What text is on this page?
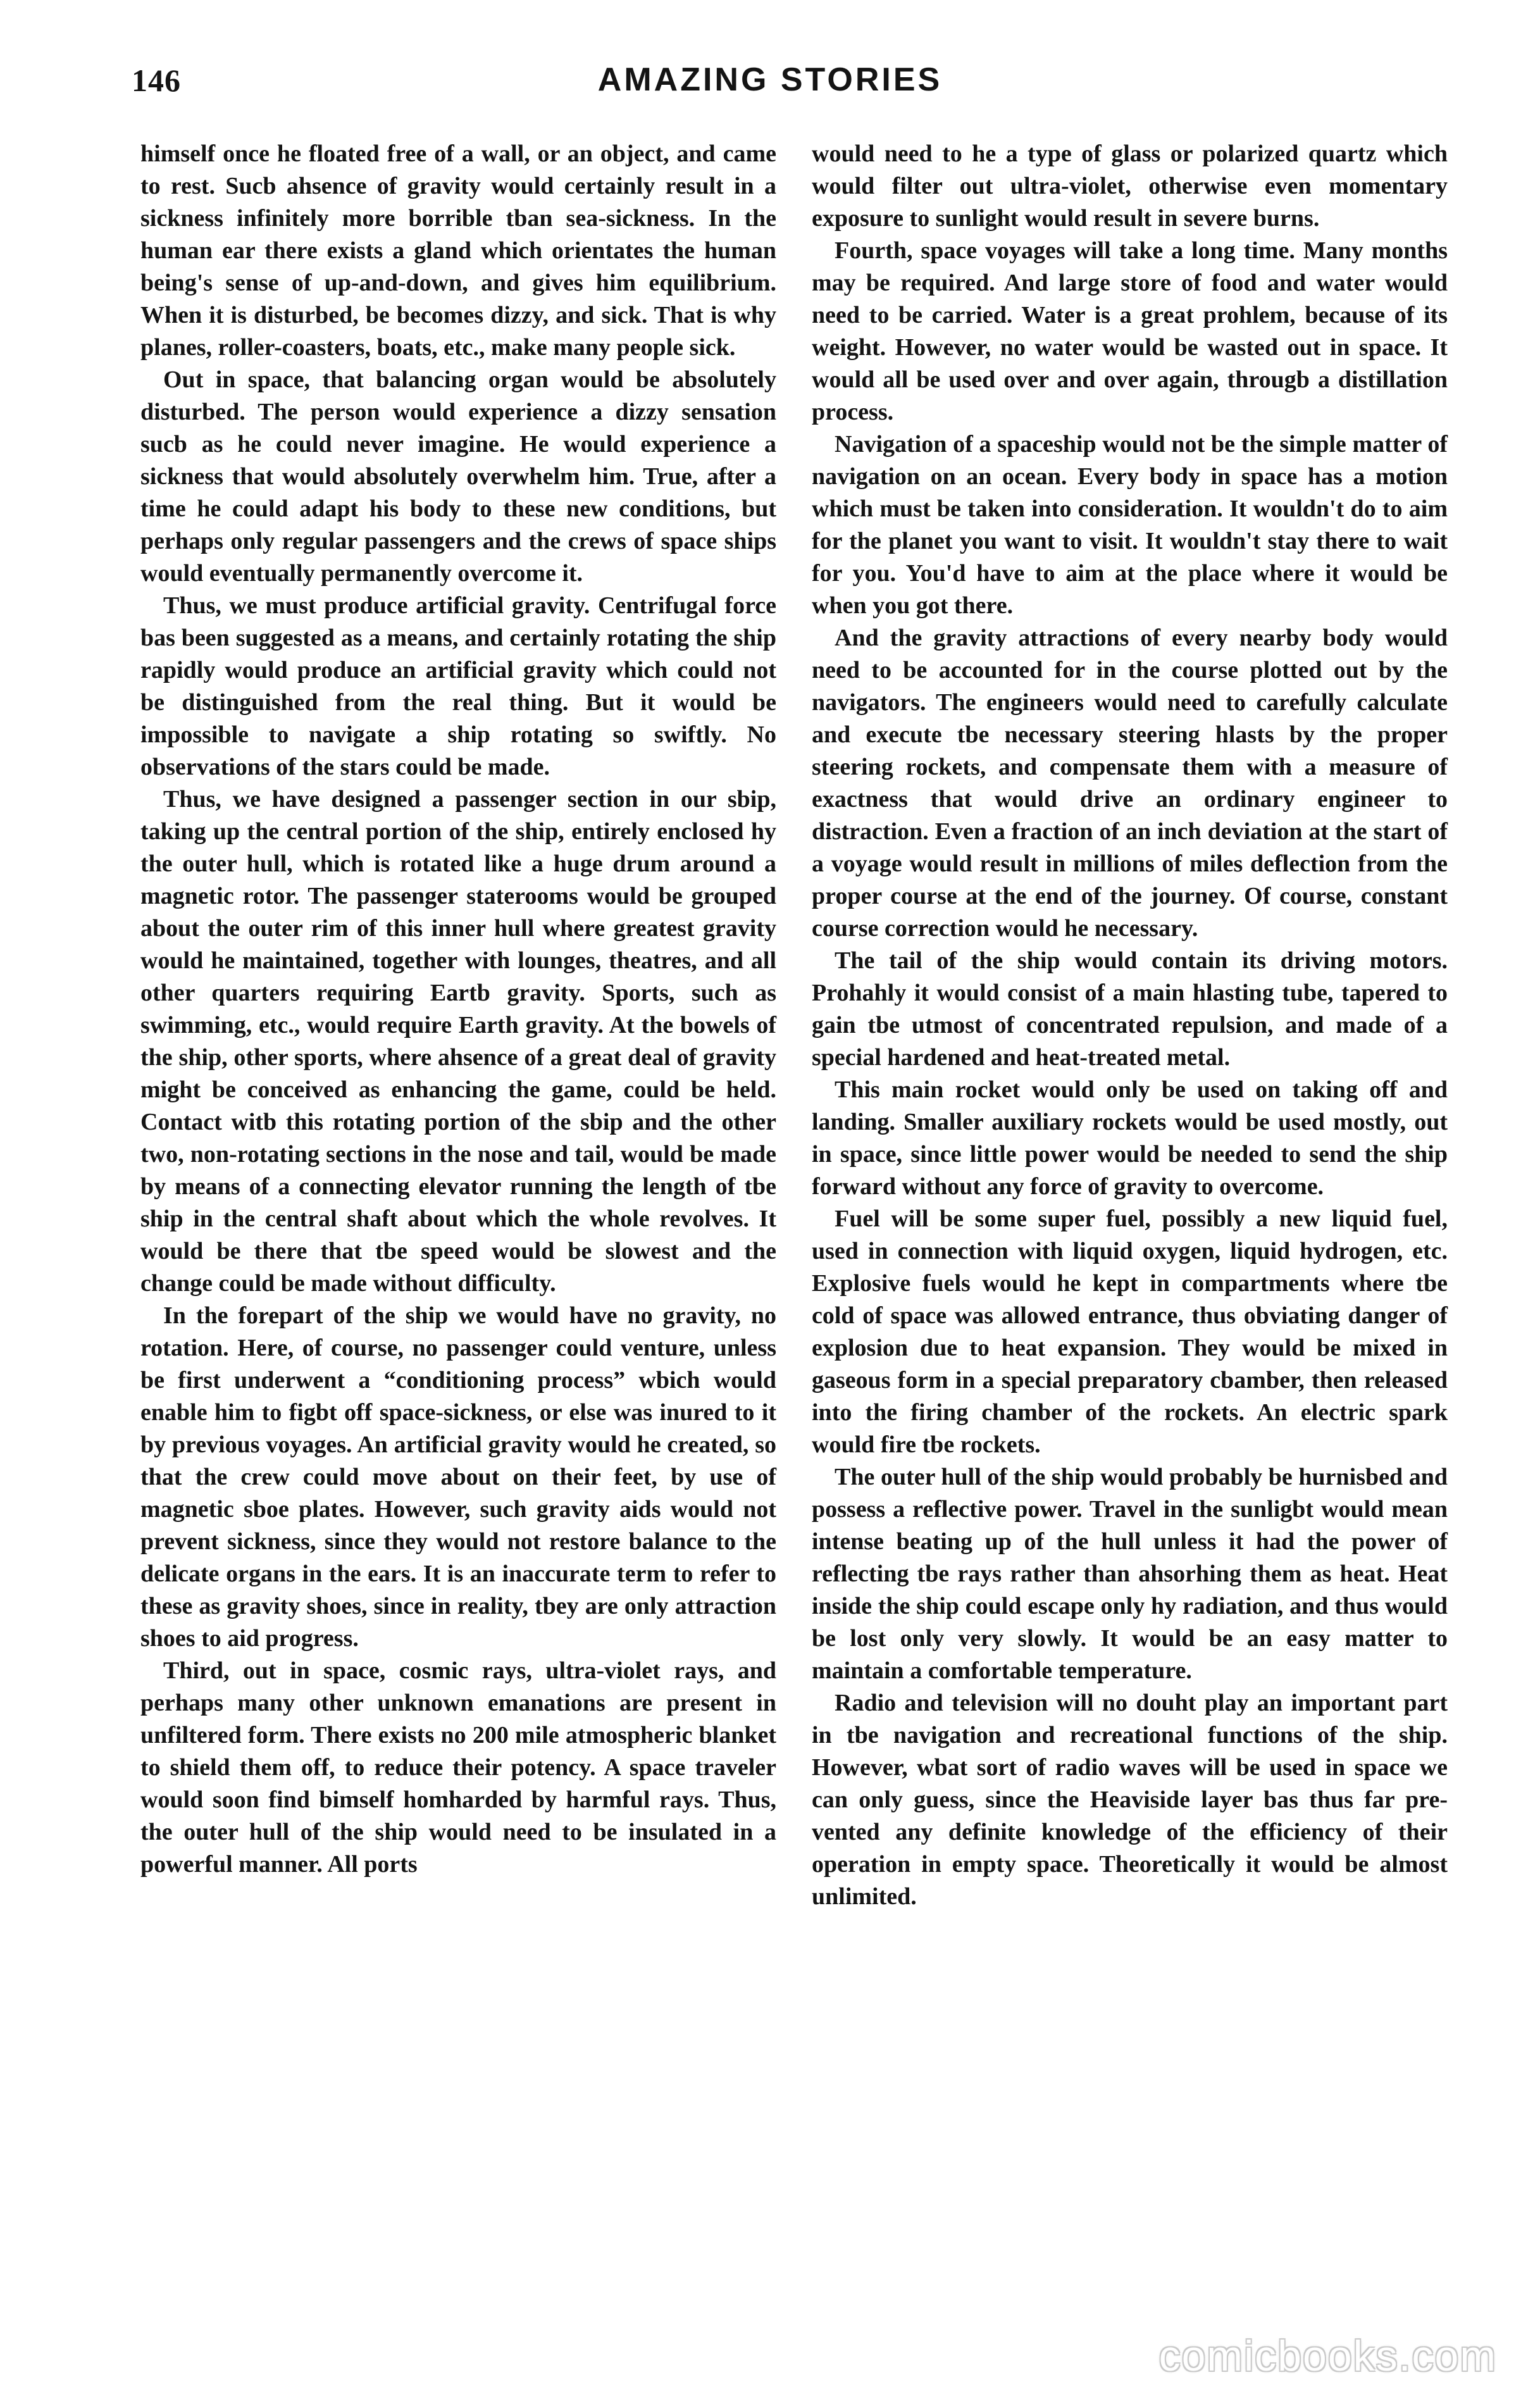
146	AMAZING STORIES

himself once he floated free of a wall, or an object, and came to rest. Sucb ahsence of gravity would certainly result in a sickness infinitely more borrible tban sea-sickness. In the human ear there exists a gland which orientates the human being's sense of up-and-down, and gives him equilibrium. When it is disturbed, be becomes dizzy, and sick. That is why planes, roller-coasters, boats, etc., make many people sick.

Out in space, that balancing organ would be absolutely disturbed. The person would experience a dizzy sensation sucb as he could never imagine. He would experience a sickness that would absolutely overwhelm him. True, after a time he could adapt his body to these new conditions, but perhaps only regular passengers and the crews of space ships would eventually permanently overcome it.

Thus, we must produce artificial gravity. Centrifugal force bas been suggested as a means, and certainly rotating the ship rapidly would produce an artificial gravity which could not be distinguished from the real thing. But it would be impossible to navigate a ship rotating so swiftly. No observations of the stars could be made.

Thus, we have designed a passenger section in our sbip, taking up the central portion of the ship, entirely enclosed hy the outer hull, which is rotated like a huge drum around a magnetic rotor. The passenger staterooms would be grouped about the outer rim of this inner hull where greatest gravity would he maintained, together with lounges, theatres, and all other quarters requiring Eartb gravity. Sports, such as swimming, etc., would require Earth gravity. At the bowels of the ship, other sports, where ahsence of a great deal of gravity might be conceived as enhancing the game, could be held. Contact witb this rotating portion of the sbip and the other two, non-rotating sections in the nose and tail, would be made by means of a connecting elevator running the length of tbe ship in the central shaft about which the whole revolves. It would be there that tbe speed would be slowest and the change could be made without difficulty.

In the forepart of the ship we would have no gravity, no rotation. Here, of course, no passenger could venture, unless be first underwent a “conditioning process” wbich would enable him to figbt off space-sickness, or else was inured to it by previous voyages. An artificial gravity would he created, so that the crew could move about on their feet, by use of magnetic sboe plates. However, such gravity aids would not prevent sickness, since they would not restore balance to the delicate organs in the ears. It is an inaccurate term to refer to these as gravity shoes, since in reality, tbey are only attraction shoes to aid progress.

Third, out in space, cosmic rays, ultra-violet rays, and perhaps many other unknown emanations are present in unfiltered form. There exists no 200 mile atmospheric blanket to shield them off, to reduce their potency. A space traveler would soon find bimself homharded by harmful rays. Thus, the outer hull of the ship would need to be insulated in a powerful manner. All ports

would need to he a type of glass or polarized quartz which would filter out ultra-violet, otherwise even momentary exposure to sunlight would result in severe burns.

Fourth, space voyages will take a long time. Many months may be required. And large store of food and water would need to be carried. Water is a great prohlem, because of its weight. However, no water would be wasted out in space. It would all be used over and over again, througb a distillation process.

Navigation of a spaceship would not be the simple matter of navigation on an ocean. Every body in space has a motion which must be taken into consideration. It wouldn't do to aim for the planet you want to visit. It wouldn't stay there to wait for you. You'd have to aim at the place where it would be when you got there.

And the gravity attractions of every nearby body would need to be accounted for in the course plotted out by the navigators. The engineers would need to carefully calculate and execute tbe necessary steering hlasts by the proper steering rockets, and compensate them with a measure of exactness that would drive an ordinary engineer to distraction. Even a fraction of an inch deviation at the start of a voyage would result in millions of miles deflection from the proper course at the end of the journey. Of course, constant course correction would he necessary.

The tail of the ship would contain its driving motors. Prohahly it would consist of a main hlasting tube, tapered to gain tbe utmost of concentrated repulsion, and made of a special hardened and heat-treated metal.

This main rocket would only be used on taking off and landing. Smaller auxiliary rockets would be used mostly, out in space, since little power would be needed to send the ship forward without any force of gravity to overcome.

Fuel will be some super fuel, possibly a new liquid fuel, used in connection with liquid oxygen, liquid hydrogen, etc. Explosive fuels would he kept in compartments where tbe cold of space was allowed entrance, thus obviating danger of explosion due to heat expansion. They would be mixed in gaseous form in a special preparatory cbamber, then released into the firing chamber of the rockets. An electric spark would fire tbe rockets.

The outer hull of the ship would probably be hurnisbed and possess a reflective power. Travel in the sunligbt would mean intense beating up of the hull unless it had the power of reflecting tbe rays rather than ahsorhing them as heat. Heat inside the ship could escape only hy radiation, and thus would be lost only very slowly. It would be an easy matter to maintain a comfortable temperature.

Radio and television will no douht play an important part in tbe navigation and recreational functions of the ship. However, wbat sort of radio waves will be used in space we can only guess, since the Heaviside layer bas thus far prevented any definite knowledge of the efficiency of their operation in empty space. Theoretically it would be almost unlimited.

comicbooks.com
